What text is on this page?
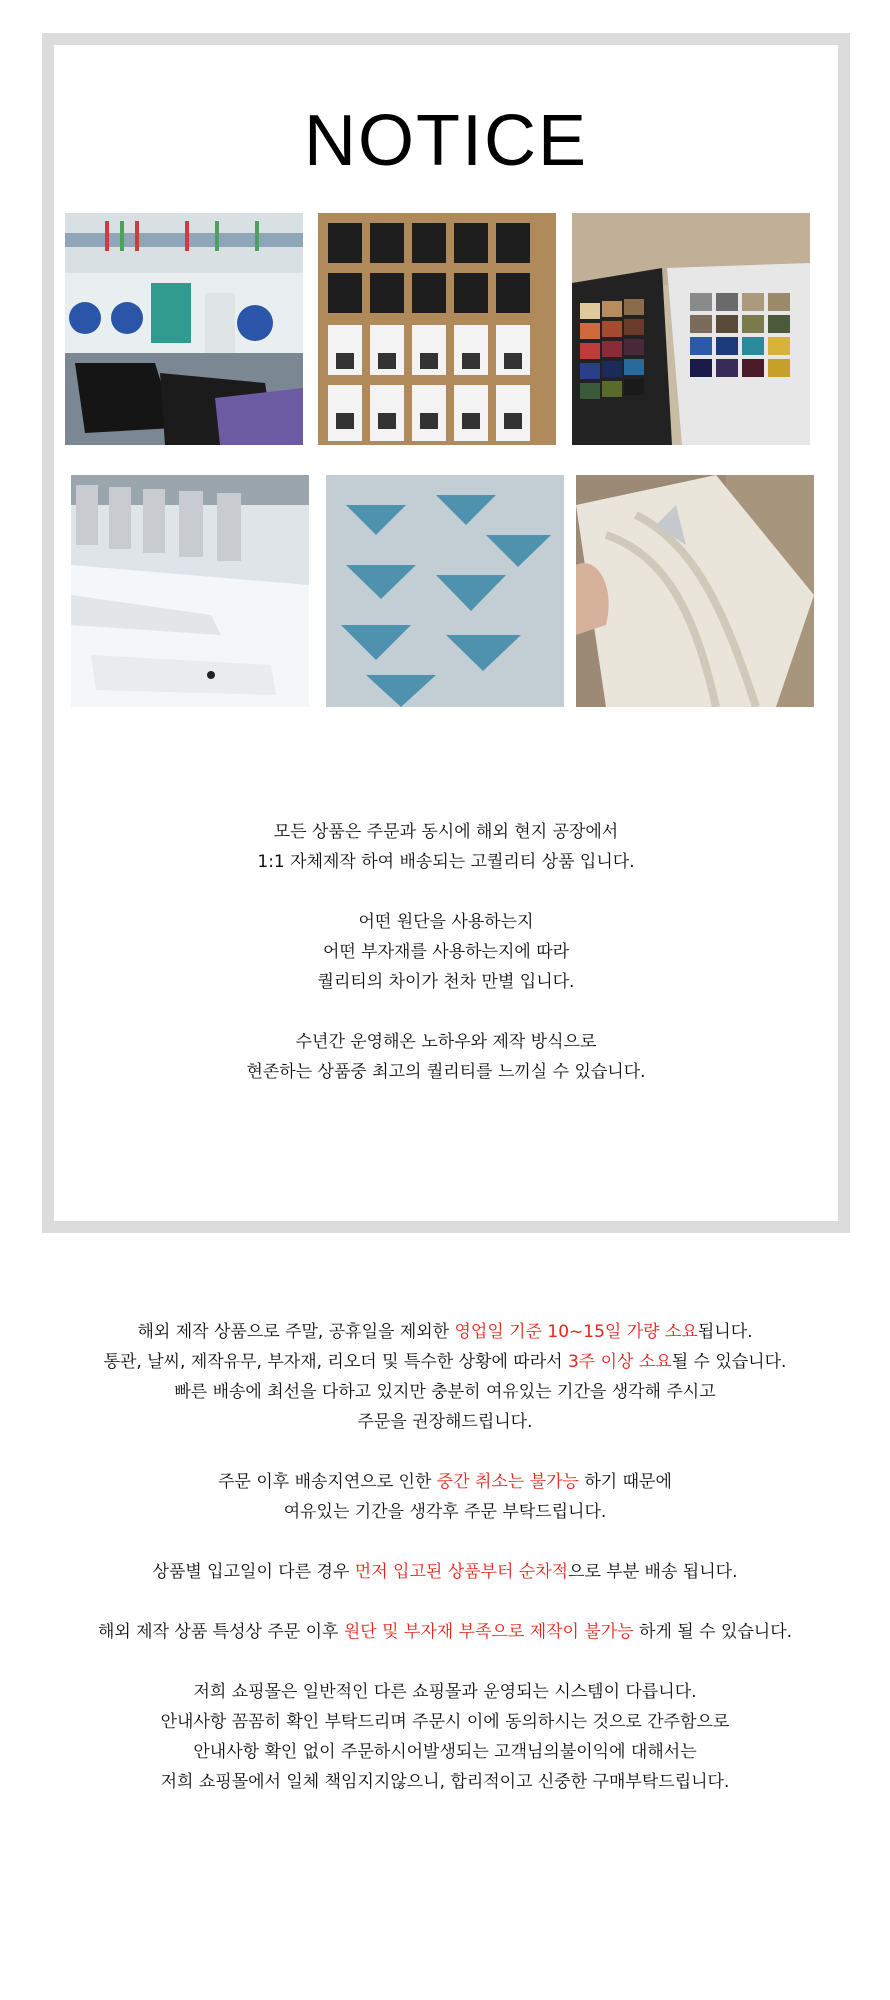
NOTICE

모든 상품은 주문과 동시에 해외 현지 공장에서
1:1 자체제작 하여 배송되는 고퀄리티 상품 입니다.

어떤 원단을 사용하는지
어떤 부자재를 사용하는지에 따라
퀄리티의 차이가 천차 만별 입니다.

수년간 운영해온 노하우와 제작 방식으로
현존하는 상품중 최고의 퀄리티를 느끼실 수 있습니다.

해외 제작 상품으로 주말, 공휴일을 제외한 영업일 기준 10~15일 가량 소요됩니다.
통관, 날씨, 제작유무, 부자재, 리오더 및 특수한 상황에 따라서 3주 이상 소요될 수 있습니다.
빠른 배송에 최선을 다하고 있지만 충분히 여유있는 기간을 생각해 주시고
주문을 권장해드립니다.

주문 이후 배송지연으로 인한 중간 취소는 불가능 하기 때문에
여유있는 기간을 생각후 주문 부탁드립니다.

상품별 입고일이 다른 경우 먼저 입고된 상품부터 순차적으로 부분 배송 됩니다.

해외 제작 상품 특성상 주문 이후 원단 및 부자재 부족으로 제작이 불가능 하게 될 수 있습니다.

저희 쇼핑몰은 일반적인 다른 쇼핑몰과 운영되는 시스템이 다릅니다.
안내사항 꼼꼼히 확인 부탁드리며 주문시 이에 동의하시는 것으로 간주함으로
안내사항 확인 없이 주문하시어발생되는 고객님의불이익에 대해서는
저희 쇼핑몰에서 일체 책임지지않으니, 합리적이고 신중한 구매부탁드립니다.
